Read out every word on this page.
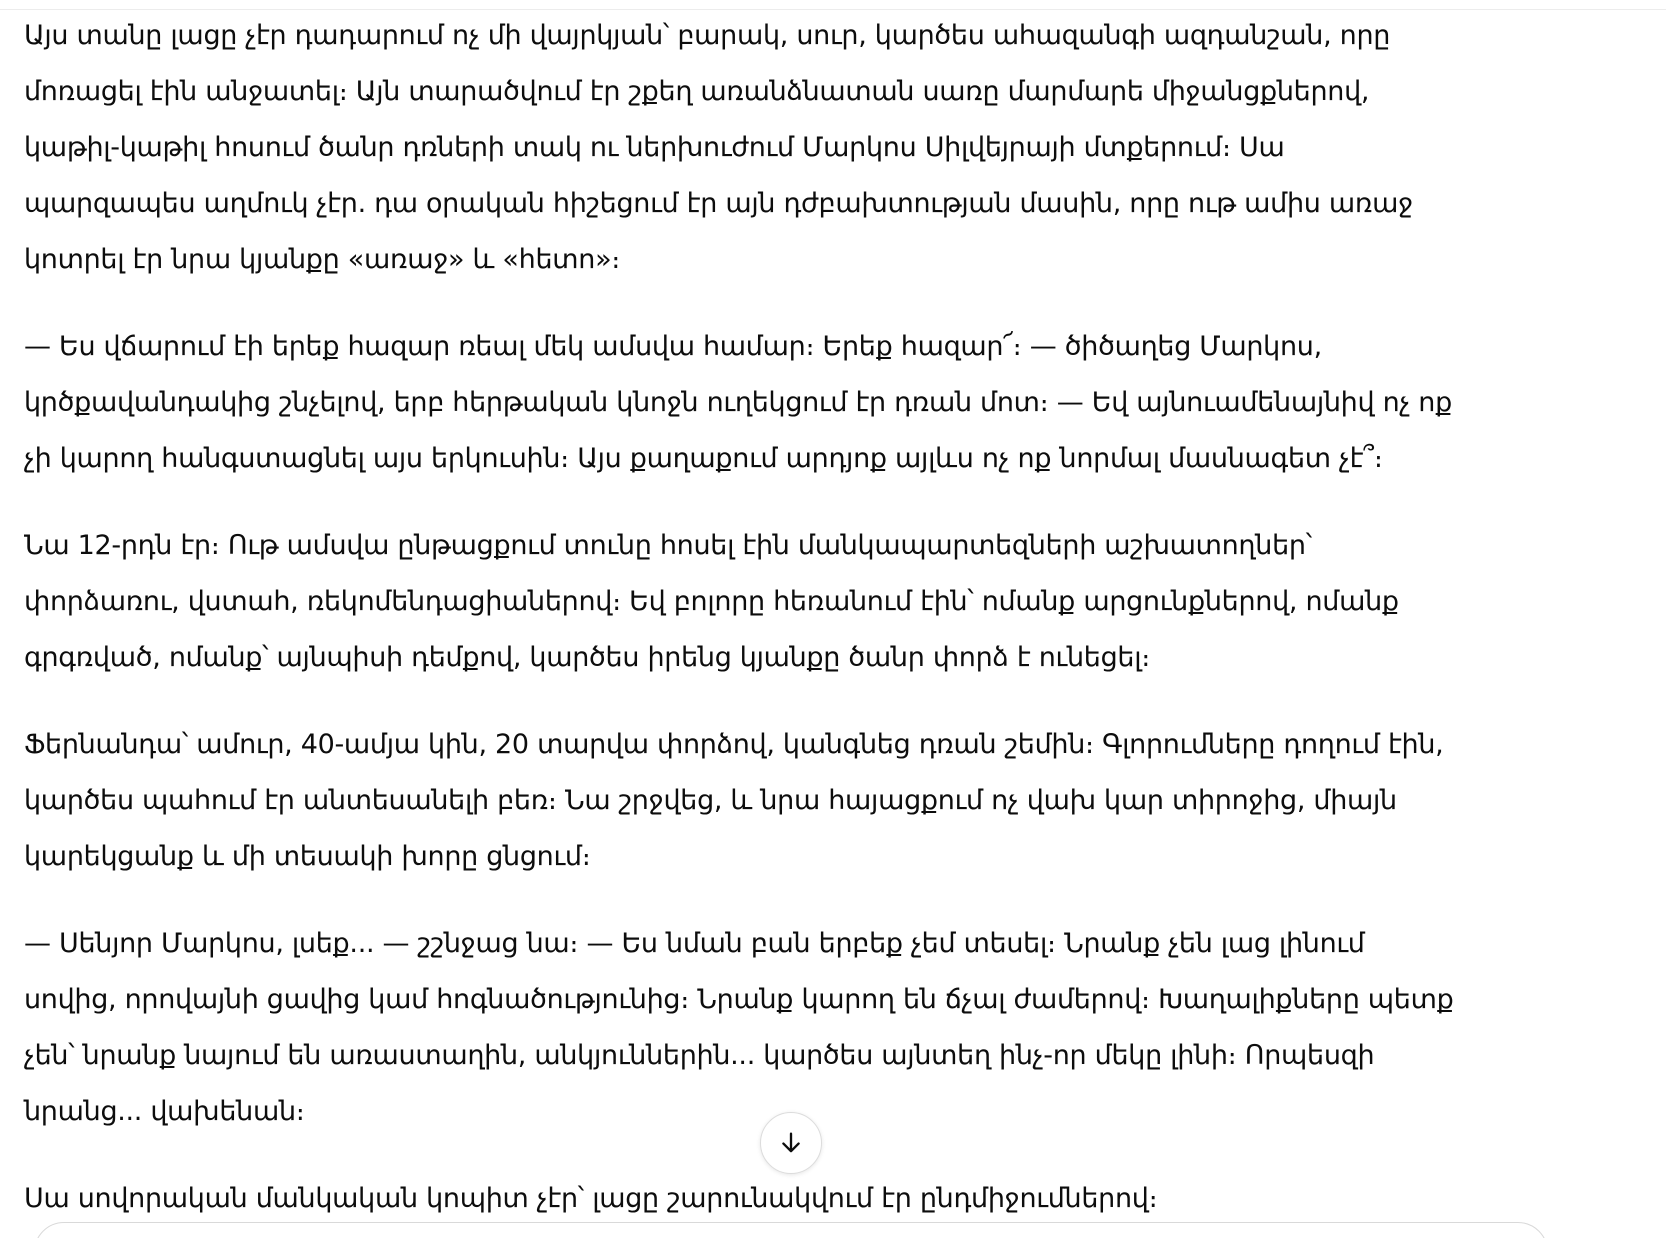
Այս տանը լացը չէր դադարում ոչ մի վայրկյան՝ բարակ, սուր, կարծես ահազանգի ազդանշան, որը
մոռացել էին անջատել։ Այն տարածվում էր շքեղ առանձնատան սառը մարմարե միջանցքներով,
կաթիլ-կաթիլ հոսում ծանր դռների տակ ու ներխուժում Մարկոս Սիլվեյրայի մտքերում։ Սա
պարզապես աղմուկ չէր. դա օրական հիշեցում էր այն դժբախտության մասին, որը ութ ամիս առաջ
կոտրել էր նրա կյանքը «առաջ» և «հետո»։
— Ես վճարում էի երեք հազար ռեալ մեկ ամսվա համար։ Երեք հազար՜։ — ծիծաղեց Մարկոս,
կրծքավանդակից շնչելով, երբ հերթական կնոջն ուղեկցում էր դռան մոտ։ — Եվ այնուամենայնիվ ոչ ոք
չի կարող հանգստացնել այս երկուսին։ Այս քաղաքում արդյոք այլևս ոչ ոք նորմալ մասնագետ չէ՞։
Նա 12-րդն էր։ Ութ ամսվա ընթացքում տունը հոսել էին մանկապարտեզների աշխատողներ՝
փորձառու, վստահ, ռեկոմենդացիաներով։ Եվ բոլորը հեռանում էին՝ ոմանք արցունքներով, ոմանք
գրգռված, ոմանք՝ այնպիսի դեմքով, կարծես իրենց կյանքը ծանր փորձ է ունեցել։
Ֆերնանդա՝ ամուր, 40-ամյա կին, 20 տարվա փորձով, կանգնեց դռան շեմին։ Գլորումները դողում էին,
կարծես պահում էր անտեսանելի բեռ։ Նա շրջվեց, և նրա հայացքում ոչ վախ կար տիրոջից, միայն
կարեկցանք և մի տեսակի խորը ցնցում։
— Սենյոր Մարկոս, լսեք... — շշնջաց նա։ — Ես նման բան երբեք չեմ տեսել։ Նրանք չեն լաց լինում
սովից, որովայնի ցավից կամ հոգնածությունից։ Նրանք կարող են ճչալ ժամերով։ Խաղալիքները պետք
չեն՝ նրանք նայում են առաստաղին, անկյուններին... կարծես այնտեղ ինչ-որ մեկը լինի։ Որպեսզի
նրանց... վախենան։
Սա սովորական մանկական կոպիտ չէր՝ լացը շարունակվում էր ընդմիջումներով։
